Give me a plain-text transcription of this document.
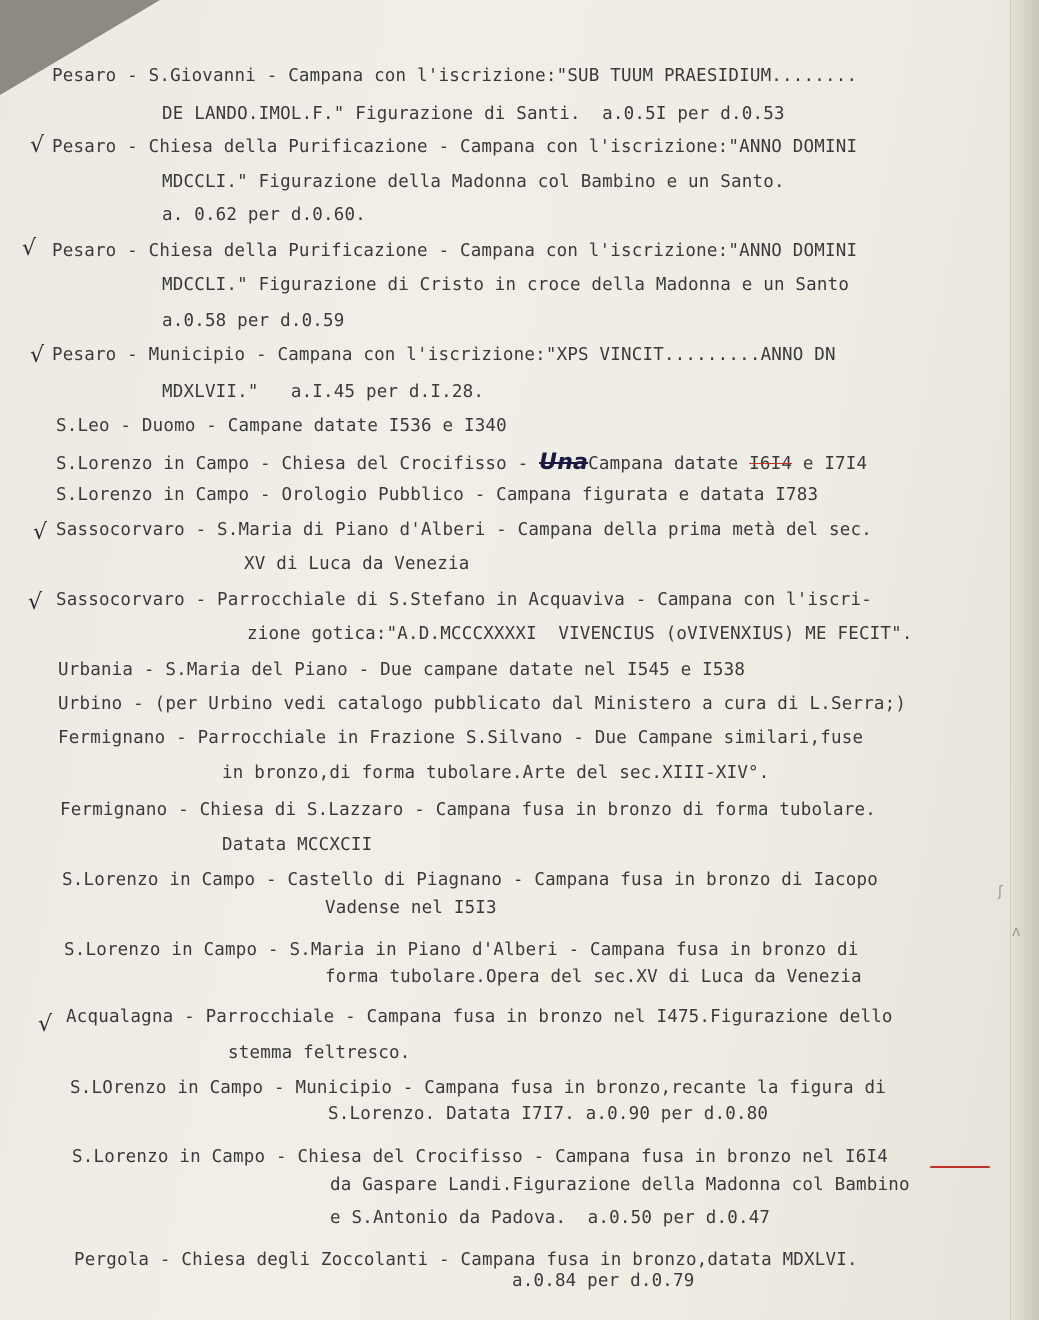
Pesaro - S.Giovanni - Campana con l'iscrizione:"SUB TUUM PRAESIDIUM........
DE LANDO.IMOL.F." Figurazione di Santi.  a.0.5I per d.0.53
√ Pesaro - Chiesa della Purificazione - Campana con l'iscrizione:"ANNO DOMINI
MDCCLI." Figurazione della Madonna col Bambino e un Santo.
a. 0.62 per d.0.60.
√ Pesaro - Chiesa della Purificazione - Campana con l'iscrizione:"ANNO DOMINI
MDCCLI." Figurazione di Cristo in croce della Madonna e un Santo
a.0.58 per d.0.59
√ Pesaro - Municipio - Campana con l'iscrizione:"XPS VINCIT.........ANNO DN
MDXLVII."   a.I.45 per d.I.28.
S.Leo - Duomo - Campane datate I536 e I340
S.Lorenzo in Campo - Chiesa del Crocifisso - UnaCampana datate I6I4 e I7I4
S.Lorenzo in Campo - Orologio Pubblico - Campana figurata e datata I783
√ Sassocorvaro - S.Maria di Piano d'Alberi - Campana della prima metà del sec.
XV di Luca da Venezia
√ Sassocorvaro - Parrocchiale di S.Stefano in Acquaviva - Campana con l'iscri-
zione gotica:"A.D.MCCCXXXXI  VIVENCIUS (oVIVENXIUS) ME FECIT".
Urbania - S.Maria del Piano - Due campane datate nel I545 e I538
Urbino - (per Urbino vedi catalogo pubblicato dal Ministero a cura di L.Serra;)
Fermignano - Parrocchiale in Frazione S.Silvano - Due Campane similari,fuse
in bronzo,di forma tubolare.Arte del sec.XIII-XIV°.
Fermignano - Chiesa di S.Lazzaro - Campana fusa in bronzo di forma tubolare.
Datata MCCXCII
S.Lorenzo in Campo - Castello di Piagnano - Campana fusa in bronzo di Iacopo
Vadense nel I5I3
ʃ
S.Lorenzo in Campo - S.Maria in Piano d'Alberi - Campana fusa in bronzo di
forma tubolare.Opera del sec.XV di Luca da Venezia
ʌ
√ Acqualagna - Parrocchiale - Campana fusa in bronzo nel I475.Figurazione dello
stemma feltresco.
S.LOrenzo in Campo - Municipio - Campana fusa in bronzo,recante la figura di
S.Lorenzo. Datata I7I7. a.0.90 per d.0.80
S.Lorenzo in Campo - Chiesa del Crocifisso - Campana fusa in bronzo nel I6I4
da Gaspare Landi.Figurazione della Madonna col Bambino
e S.Antonio da Padova.  a.0.50 per d.0.47
Pergola - Chiesa degli Zoccolanti - Campana fusa in bronzo,datata MDXLVI.
a.0.84 per d.0.79
